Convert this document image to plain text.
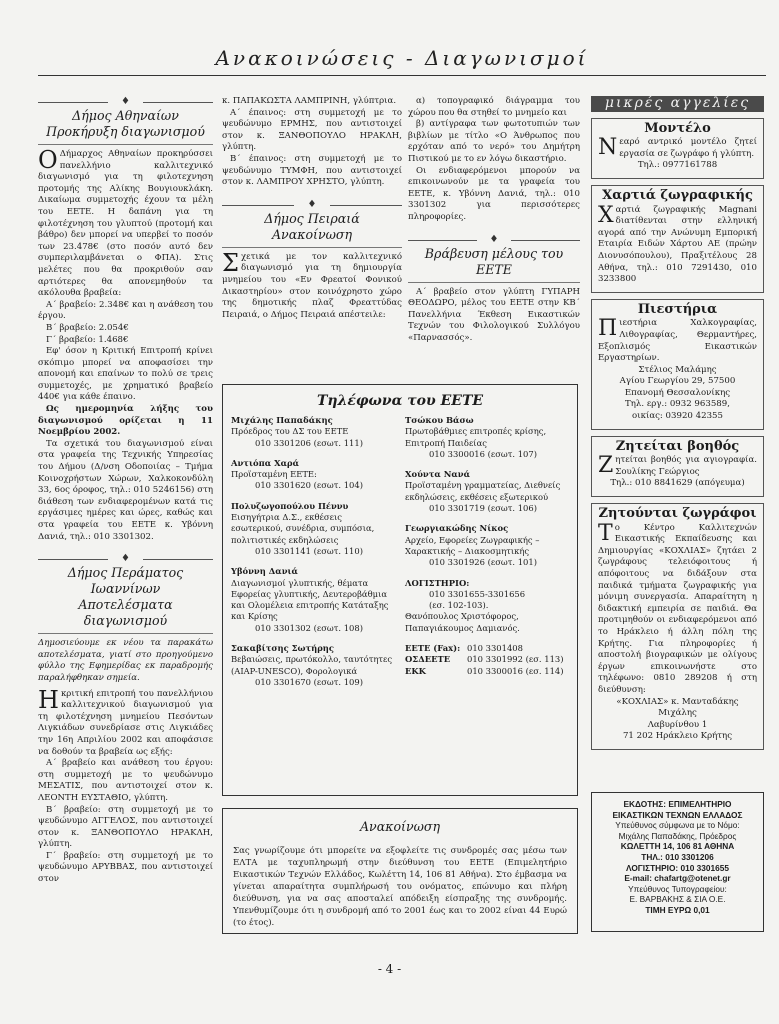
Ανακοινώσεις - Διαγωνισμοί
♦
Δήμος Αθηναίων
Προκήρυξη διαγωνισμού

Ο Δήμαρχος Αθηναίων προκηρύσσει πανελλήνιο καλλιτεχνικό διαγωνισμό για τη φιλοτεχνηση προτομής της Αλίκης Βουγιουκλάκη. Δικαίωμα συμμετοχής έχουν τα μέλη του ΕΕΤΕ. Η δαπάνη για τη φιλοτέχνηση του γλυπτού (προτομή και βάθρο) δεν μπορεί να υπερβεί το ποσόν των 23.478€ (στο ποσόν αυτό δεν συμπεριλαμβάνεται ο ΦΠΑ). Στις μελέτες που θα προκριθούν σαν αρτιότερες θα απονεμηθούν τα ακόλουθα βραβεία:

Α΄ βραβείο: 2.348€ και η ανάθεση του έργου.

Β΄ βραβείο: 2.054€

Γ΄ βραβείο: 1.468€

Εφ' όσον η Κριτική Επιτροπή κρίνει σκόπιμο μπορεί να αποφασίσει την απονομή και επαίνων το πολύ σε τρεις συμμετοχές, με χρηματικό βραβείο 440€ για κάθε έπαινο.

Ως ημερομηνία λήξης του διαγωνισμού ορίζεται η 11 Νοεμβρίου 2002.

Τα σχετικά του διαγωνισμού είναι στα γραφεία της Τεχνικής Υπηρεσίας του Δήμου (Δ/νση Οδοποιίας – Τμήμα Κοινοχρήστων Χώρων, Χαλκοκονδύλη 33, 6ος όροφος, τηλ.: 010 5246156) στη διάθεση των ενδιαφερομένων κατά τις εργάσιμες ημέρες και ώρες, καθώς και στα γραφεία του ΕΕΤΕ κ. Υβόννη Δανιά, τηλ.: 010 3301302.

♦
Δήμος Περάματος Ιωαννίνων
Αποτελέσματα διαγωνισμού

Δημοσιεύουμε εκ νέου τα παρακάτω αποτελέσματα, γιατί στο προηγούμενο φύλλο της Εφημερίδας εκ παραδρομής παραλήφθηκαν σημεία.

Ηκριτική επιτροπή του πανελλήνιου καλλιτεχνικού διαγωνισμού για τη φιλοτέχνηση μνημείου Πεσόντων Λιγκιάδων συνεδρίασε στις Λιγκιάδες την 16η Απριλίου 2002 και αποφάσισε να δοθούν τα βραβεία ως εξής:

Α΄ βραβείο και ανάθεση του έργου: στη συμμετοχή με το ψευδώνυμο ΜΕΣΑΤΙΣ, που αντιστοιχεί στον κ. ΛΕΟΝΤΗ ΕΥΣΤΑΘΙΟ, γλύπτη.

Β΄ βραβείο: στη συμμετοχή με το ψευδώνυμο ΑΓΓΕΛΟΣ, που αντιστοιχεί στον κ. ΞΑΝΘΟΠΟΥΛΟ ΗΡΑΚΛΗ, γλύπτη.

Γ΄ βραβείο: στη συμμετοχή με το ψευδώνυμο ΑΡΥΒΒΑΣ, που αντιστοιχεί στον

κ. ΠΑΠΑΚΩΣΤΑ ΛΑΜΠΡΙΝΗ, γλύπτρια.

Α΄ έπαινος: στη συμμετοχή με το ψευδώνυμο ΕΡΜΗΣ, που αντιστοιχεί στον κ. ΞΑΝΘΟΠΟΥΛΟ ΗΡΑΚΛΗ, γλύπτη.

Β΄ έπαινος: στη συμμετοχή με το ψευδώνυμο ΤΥΜΦΗ, που αντιστοιχεί στον κ. ΛΑΜΠΡΟΥ ΧΡΗΣΤΟ, γλύπτη.

♦
Δήμος Πειραιά
Ανακοίνωση

Σχετικά με τον καλλιτεχνικό διαγωνισμό για τη δημιουργία μνημείου του «Εν Φρεατοί Φονικού Δικαστηρίου» στον κοινόχρηστο χώρο της δημοτικής πλαζ Φρεαττύδας Πειραιά, ο Δήμος Πειραιά απέστειλε:

α) τοπογραφικό διάγραμμα του χώρου που θα στηθεί το μνημείο και

β) αντίγραφα των φωτοτυπιών των βιβλίων με τίτλο «Ο Άνθρωπος που ερχόταν από το νερό» του Δημήτρη Πιστικού με το εν λόγω δικαστήριο.

Οι ενδιαφερόμενοι μπορούν να επικοινωνούν με τα γραφεία του ΕΕΤΕ, κ. Υβόννη Δανιά, τηλ.: 010 3301302 για περισσότερες πληροφορίες.

♦
Βράβευση μέλους του ΕΕΤΕ

Α΄ βραβείο στον γλύπτη ΓΥΠΑΡΗ ΘΕΟΔΩΡΟ, μέλος του ΕΕΤΕ στην ΚΒ΄ Πανελλήνια Έκθεση Εικαστικών Τεχνών του Φιλολογικού Συλλόγου «Παρνασσός».

Τηλέφωνα του ΕΕΤΕ
Μιχάλης Παπαδάκης
Πρόεδρος του ΔΣ του ΕΕΤΕ
010 3301206 (εσωτ. 111)
Αντιόπα Χαρά
Προϊσταμένη ΕΕΤΕ:
010 3301620 (εσωτ. 104)
Πολυζωγοπούλου Πέννυ
Εισηγήτρια Δ.Σ., εκθέσεις εσωτερικού, συνέδρια, συμπόσια, πολιτιστικές εκδηλώσεις
010 3301141 (εσωτ. 110)
Υβόννη Δανιά
Διαγωνισμοί γλυπτικής, θέματα Εφορείας γλυπτικής, Δευτεροβάθμια και Ολομέλεια επιτροπής Κατάταξης και Κρίσης
010 3301302 (εσωτ. 108)
Σακαβίτσης Σωτήρης
Βεβαιώσεις, πρωτόκολλο, ταυτότητες (AIAP-UNESCO), Φορολογικά
010 3301670 (εσωτ. 109)
Τσώκου Βάσω
Πρωτοβάθμιες επιτροπές κρίσης, Επιτροπή Παιδείας
010 3300016 (εσωτ. 107)
Χούντα Νανά
Προϊσταμένη γραμματείας, Διεθνείς εκδηλώσεις, εκθέσεις εξωτερικού
010 3301719 (εσωτ. 106)
Γεωργιακώδης Νίκος
Αρχείο, Εφορείες Ζωγραφικής – Χαρακτικής – Διακοσμητικής
010 3301926 (εσωτ. 101)
ΛΟΓΙΣΤΗΡΙΟ:
010 3301655-3301656
(εσ. 102-103).
Θανόπουλος Χριστόφορος, Παπαγιάκουμος Δαμιανός.
ΕΕΤΕ (Fax): 010 3301408
ΟΣΔΕΕΤΕ	010 3301992 (εσ. 113)
ΕΚΚ	010 3300016 (εσ. 114)
Ανακοίνωση

Σας γνωρίζουμε ότι μπορείτε να εξοφλείτε τις συνδρομές σας μέσω των ΕΛΤΑ με ταχυπληρωμή στην διεύθυνση του ΕΕΤΕ (Επιμελητήριο Εικαστικών Τεχνών Ελλάδος, Κωλέττη 14, 106 81 Αθήνα). Στο έμβασμα να γίνεται απαραίτητα συμπλήρωσή του ονόματος, επώνυμο και πλήρη διεύθυνση, για να σας αποσταλεί απόδειξη είσπραξης της συνδρομής. Υπενθυμίζουμε ότι η συνδρομή από το 2001 έως και το 2002 είναι 44 Ευρώ (το έτος).

μικρές αγγελίες
Μοντέλο

Νεαρό αντρικό μοντέλο ζητεί εργασία σε ζωγράφο ή γλύπτη.

Τηλ.: 0977161788
Χαρτιά ζωγραφικής

Χαρτιά ζωγραφικής Magnani διατίθενται στην ελληνική αγορά από την Ανώνυμη Εμπορική Εταιρία Ειδών Χάρτου ΑΕ (πρώην Διονυσόπουλου), Πραξιτέλους 28 Αθήνα, τηλ.: 010 7291430, 010 3233800

Πιεστήρια

Πιεστήρια Χαλκογραφίας, Λιθογραφίας, Θερμαντήρες, Εξοπλισμός Εικαστικών Εργαστηρίων.

Στέλιος Μαλάμης
Αγίου Γεωργίου 29, 57500
Επανομή Θεσσαλονίκης
Τηλ. εργ.: 0932 963589,
οικίας: 03920 42355
Ζητείται βοηθός

Ζητείται βοηθός για αγιογραφία. Σουλίκης Γεώργιος

Τηλ.: 010 8841629 (απόγευμα)
Ζητούνται ζωγράφοι

Το Κέντρο Καλλιτεχνών Εικαστικής Εκπαίδευσης και Δημιουργίας «ΚΟΧΛΙΑΣ» ζητάει 2 ζωγράφους τελειόφοιτους ή απόφοιτους να διδάξουν στα παιδικά τμήματα ζωγραφικής για μόνιμη συνεργασία. Απαραίτητη η διδακτική εμπειρία σε παιδιά. Θα προτιμηθούν οι ενδιαφερόμενοι από το Ηράκλειο ή άλλη πόλη της Κρήτης. Για πληροφορίες ή αποστολή βιογραφικών με ολίγους έργων επικοινωνήστε στο τηλέφωνο: 0810 289208 ή στη διεύθυνση:

«ΚΟΧΛΙΑΣ» κ. Μανταδάκης Μιχάλης
Λαβυρίνθου 1
71 202 Ηράκλειο Κρήτης
ΕΚΔΟΤΗΣ: ΕΠΙΜΕΛΗΤΗΡΙΟ
ΕΙΚΑΣΤΙΚΩΝ ΤΕΧΝΩΝ ΕΛΛΑΔΟΣ
Υπεύθυνος σύμφωνα με το Νόμο:
Μιχάλης Παπαδάκης, Πρόεδρος
ΚΩΛΕΤΤΗ 14, 106 81 ΑΘΗΝΑ
ΤΗΛ.: 010 3301206
ΛΟΓΙΣΤΗΡΙΟ: 010 3301655
E-mail: chafartg@otenet.gr
Υπεύθυνος Τυπογραφείου:
Ε. ΒΑΡΒΑΚΗΣ & ΣΙΑ Ο.Ε.
ΤΙΜΗ ΕΥΡΩ 0,01
- 4 -
